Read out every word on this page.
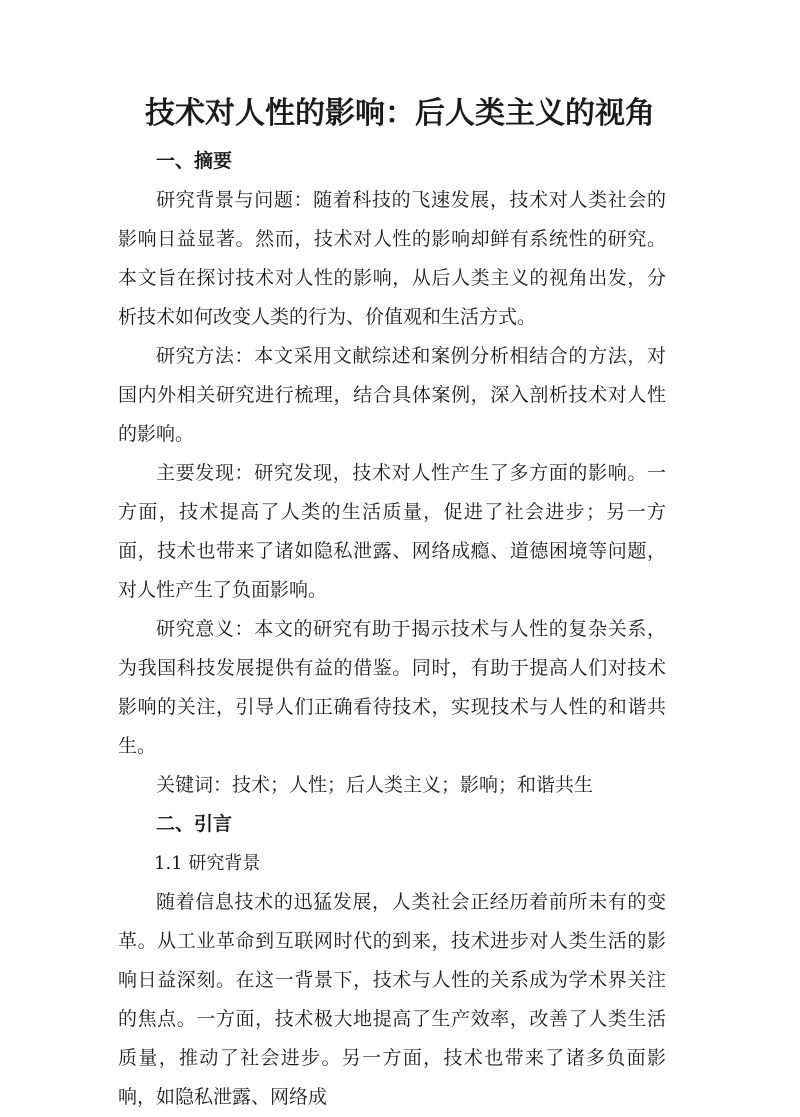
技术对人性的影响：后人类主义的视角
一、摘要

研究背景与问题：随着科技的飞速发展，技术对人类社会的影响日益显著。然而，技术对人性的影响却鲜有系统性的研究。本文旨在探讨技术对人性的影响，从后人类主义的视角出发，分析技术如何改变人类的行为、价值观和生活方式。

研究方法：本文采用文献综述和案例分析相结合的方法，对国内外相关研究进行梳理，结合具体案例，深入剖析技术对人性的影响。

主要发现：研究发现，技术对人性产生了多方面的影响。一方面，技术提高了人类的生活质量，促进了社会进步；另一方面，技术也带来了诸如隐私泄露、网络成瘾、道德困境等问题，对人性产生了负面影响。

研究意义：本文的研究有助于揭示技术与人性的复杂关系，为我国科技发展提供有益的借鉴。同时，有助于提高人们对技术影响的关注，引导人们正确看待技术，实现技术与人性的和谐共生。

关键词：技术；人性；后人类主义；影响；和谐共生

二、引言
1.1 研究背景

随着信息技术的迅猛发展，人类社会正经历着前所未有的变革。从工业革命到互联网时代的到来，技术进步对人类生活的影响日益深刻。在这一背景下，技术与人性的关系成为学术界关注的焦点。一方面，技术极大地提高了生产效率，改善了人类生活质量，推动了社会进步。另一方面，技术也带来了诸多负面影响，如隐私泄露、网络成
